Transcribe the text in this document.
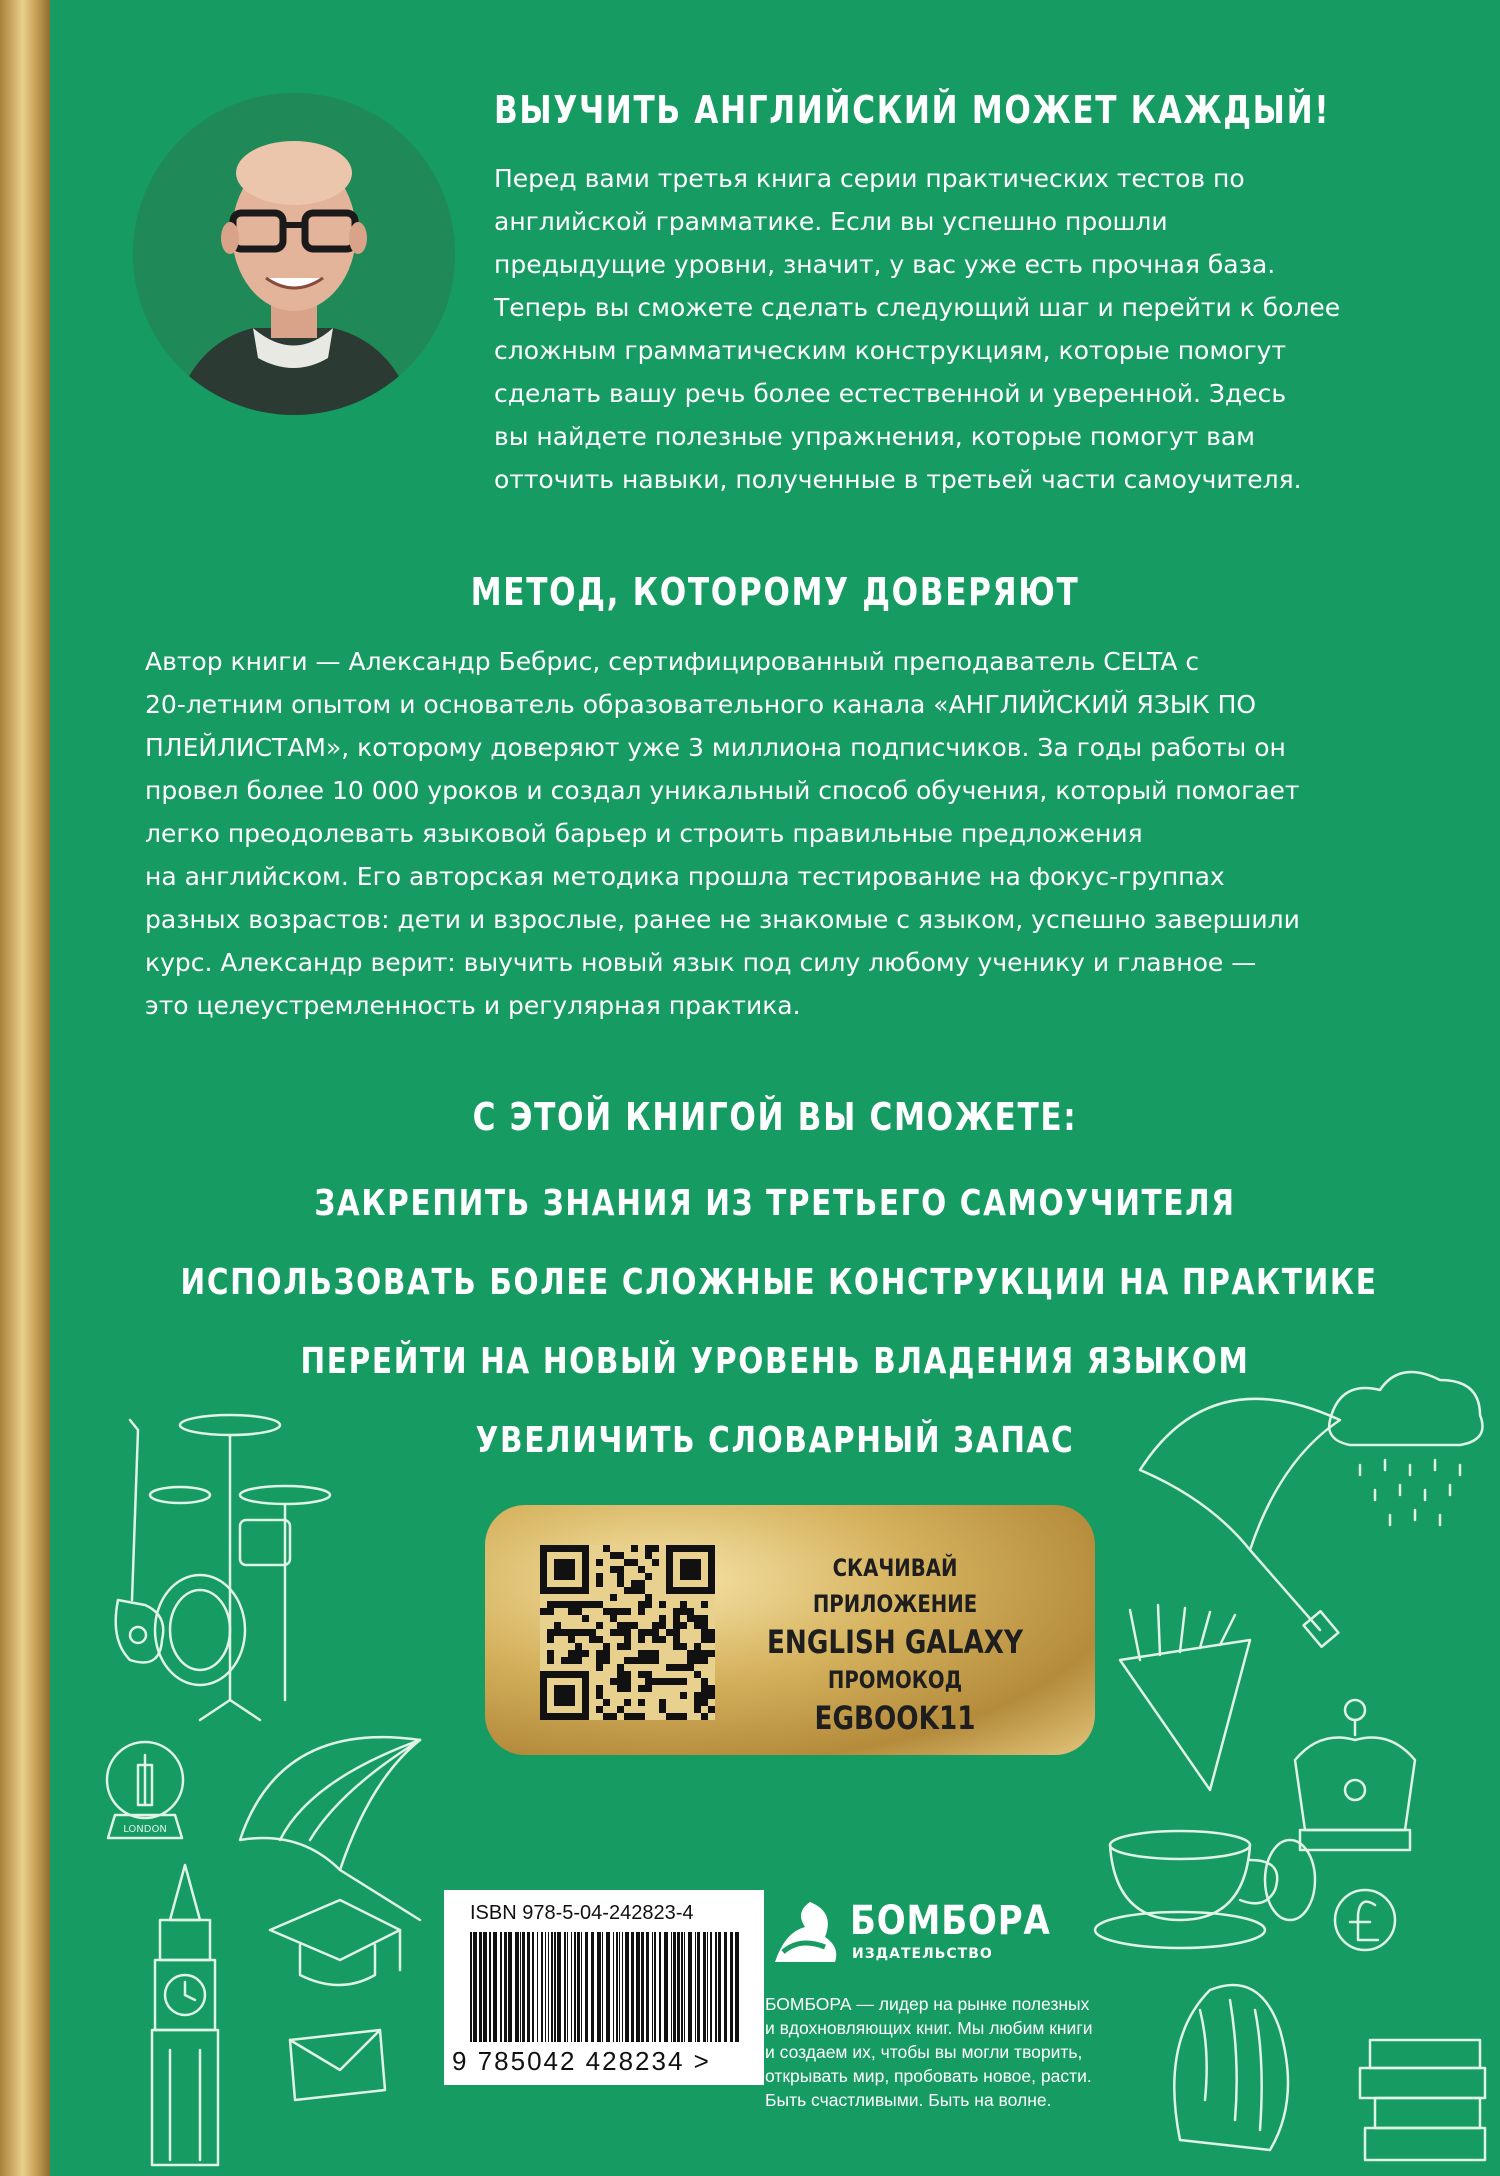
ВЫУЧИТЬ АНГЛИЙСКИЙ МОЖЕТ КАЖДЫЙ!
Перед вами третья книга серии практических тестов по
английской грамматике. Если вы успешно прошли
предыдущие уровни, значит, у вас уже есть прочная база.
Теперь вы сможете сделать следующий шаг и перейти к более
сложным грамматическим конструкциям, которые помогут
сделать вашу речь более естественной и уверенной. Здесь
вы найдете полезные упражнения, которые помогут вам
отточить навыки, полученные в третьей части самоучителя.
МЕТОД, КОТОРОМУ ДОВЕРЯЮТ
Автор книги — Александр Бебрис, сертифицированный преподаватель CELTA с
20-летним опытом и основатель образовательного канала «АНГЛИЙСКИЙ ЯЗЫК ПО
ПЛЕЙЛИСТАМ», которому доверяют уже 3 миллиона подписчиков. За годы работы он
провел более 10 000 уроков и создал уникальный способ обучения, который помогает
легко преодолевать языковой барьер и строить правильные предложения
на английском. Его авторская методика прошла тестирование на фокус-группах
разных возрастов: дети и взрослые, ранее не знакомые с языком, успешно завершили
курс. Александр верит: выучить новый язык под силу любому ученику и главное —
это целеустремленность и регулярная практика.
С ЭТОЙ КНИГОЙ ВЫ СМОЖЕТЕ:
ЗАКРЕПИТЬ ЗНАНИЯ ИЗ ТРЕТЬЕГО САМОУЧИТЕЛЯ
ИСПОЛЬЗОВАТЬ БОЛЕЕ СЛОЖНЫЕ КОНСТРУКЦИИ НА ПРАКТИКЕ
ПЕРЕЙТИ НА НОВЫЙ УРОВЕНЬ ВЛАДЕНИЯ ЯЗЫКОМ
УВЕЛИЧИТЬ СЛОВАРНЫЙ ЗАПАС
LONDON
СКАЧИВАЙ
ПРИЛОЖЕНИЕ
ENGLISH GALAXY
ПРОМОКОД
EGBOOK11
ISBN 978-5-04-242823-4
9 785042 428234 >
БОМБОРА
ИЗДАТЕЛЬСТВО
БОМБОРА — лидер на рынке полезных
и вдохновляющих книг. Мы любим книги
и создаем их, чтобы вы могли творить,
открывать мир, пробовать новое, расти.
Быть счастливыми. Быть на волне.
